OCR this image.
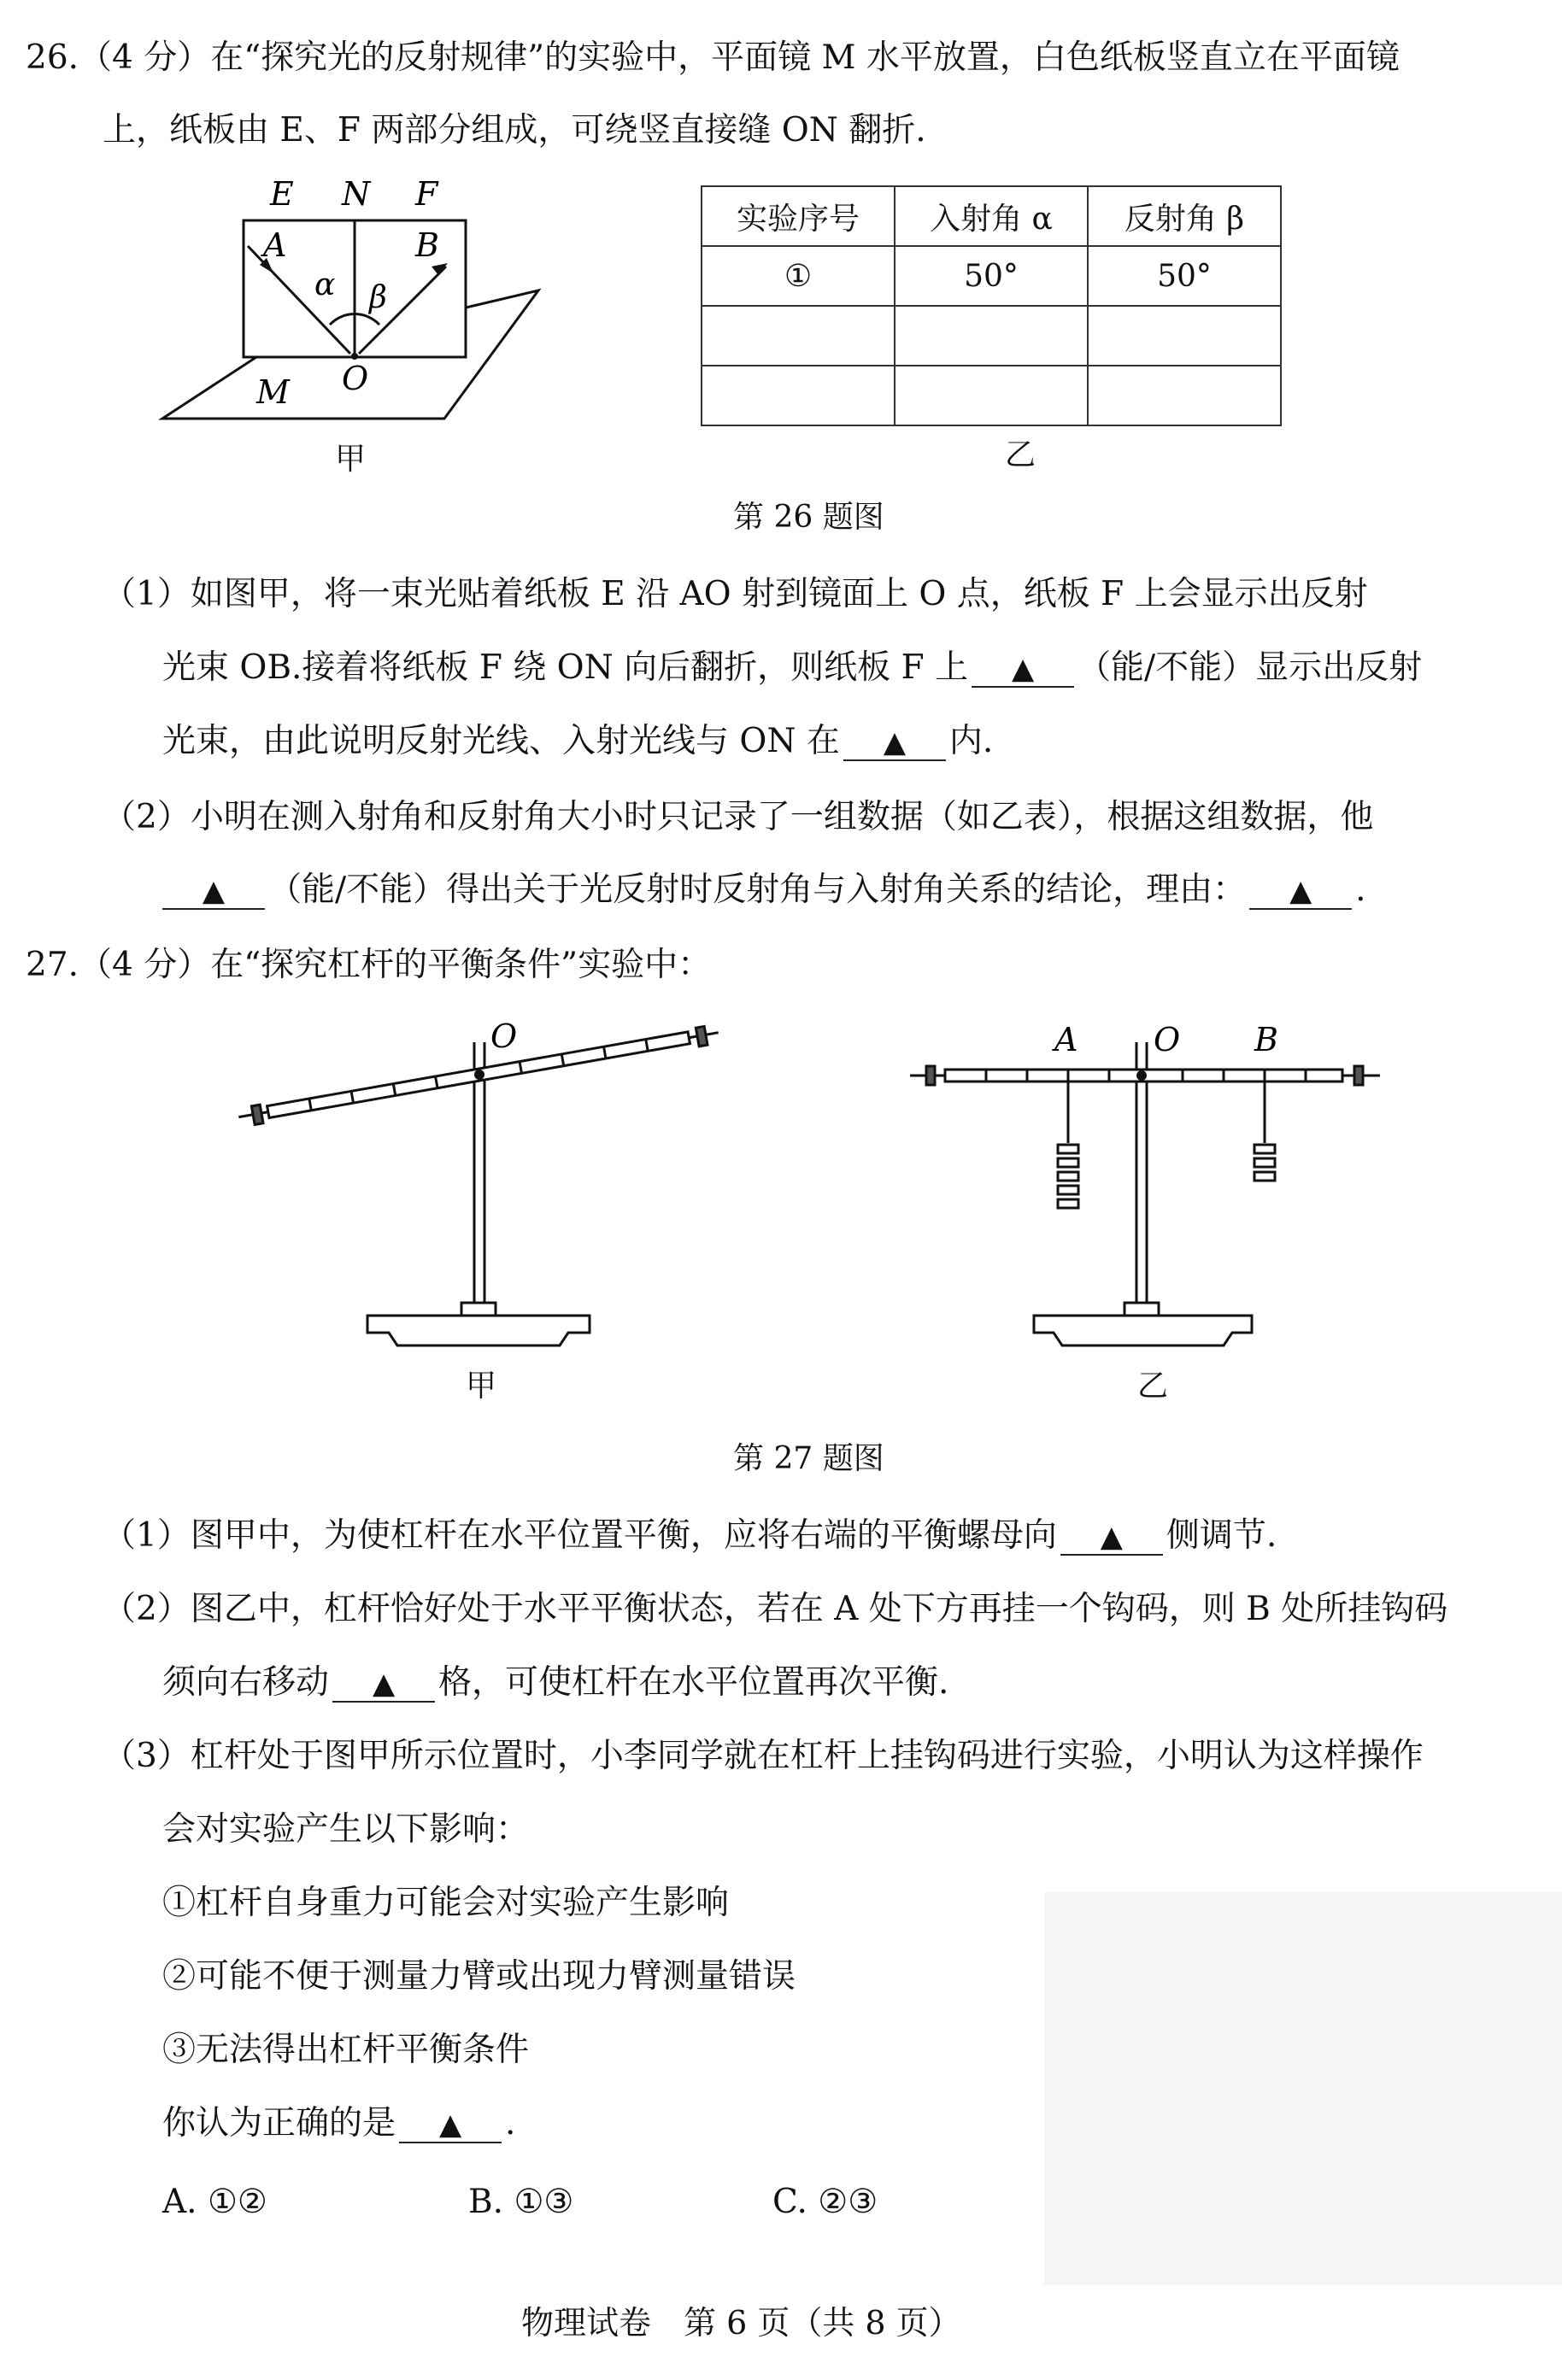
26.（4 分）在“探究光的反射规律”的实验中，平面镜 M 水平放置，白色纸板竖直立在平面镜
上，纸板由 E、F 两部分组成，可绕竖直接缝 ON 翻折.
E N F
A	B
α β
O
M
甲
实验序号	入射角 α	反射角 β
①	50°	50°

乙
第 26 题图
（1）如图甲，将一束光贴着纸板 E 沿 AO 射到镜面上 O 点，纸板 F 上会显示出反射
光束 OB.接着将纸板 F 绕 ON 向后翻折，则纸板 F 上 ▲ （能/不能）显示出反射
光束，由此说明反射光线、入射光线与 ON 在 ▲ 内.
（2）小明在测入射角和反射角大小时只记录了一组数据（如乙表），根据这组数据，他
▲ （能/不能）得出关于光反射时反射角与入射角关系的结论，理由： ▲ .
27.（4 分）在“探究杠杆的平衡条件”实验中：
O
甲
A O B
乙
第 27 题图
（1）图甲中，为使杠杆在水平位置平衡，应将右端的平衡螺母向 ▲ 侧调节.
（2）图乙中，杠杆恰好处于水平平衡状态，若在 A 处下方再挂一个钩码，则 B 处所挂钩码
须向右移动 ▲ 格，可使杠杆在水平位置再次平衡.
（3）杠杆处于图甲所示位置时，小李同学就在杠杆上挂钩码进行实验，小明认为这样操作
会对实验产生以下影响：
①杠杆自身重力可能会对实验产生影响
②可能不便于测量力臂或出现力臂测量错误
③无法得出杠杆平衡条件
你认为正确的是 ▲ .
A. ①②	B. ①③	C. ②③
物理试卷　第 6 页（共 8 页）
